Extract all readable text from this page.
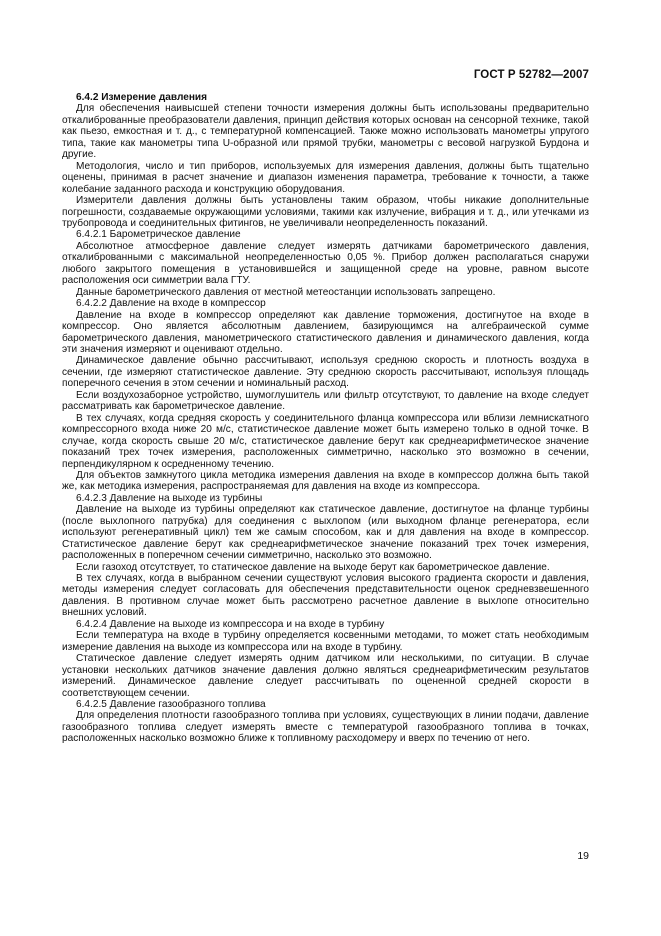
ГОСТ Р 52782—2007

6.4.2 Измерение давления

Для обеспечения наивысшей степени точности измерения должны быть использованы предварительно откалиброванные преобразователи давления, принцип действия которых основан на сенсорной технике, такой как пьезо, емкостная и т. д., с температурной компенсацией. Также можно использовать манометры упругого типа, такие как манометры типа U-образной или прямой трубки, манометры с весовой нагрузкой Бурдона и другие.

Методология, число и тип приборов, используемых для измерения давления, должны быть тщательно оценены, принимая в расчет значение и диапазон изменения параметра, требование к точности, а также колебание заданного расхода и конструкцию оборудования.

Измерители давления должны быть установлены таким образом, чтобы никакие дополнительные погрешности, создаваемые окружающими условиями, такими как излучение, вибрация и т. д., или утечками из трубопровода и соединительных фитингов, не увеличивали неопределенность показаний.

6.4.2.1 Барометрическое давление

Абсолютное атмосферное давление следует измерять датчиками барометрического давления, откалиброванными с максимальной неопределенностью 0,05 %. Прибор должен располагаться снаружи любого закрытого помещения в установившейся и защищенной среде на уровне, равном высоте расположения оси симметрии вала ГТУ.

Данные барометрического давления от местной метеостанции использовать запрещено.

6.4.2.2 Давление на входе в компрессор

Давление на входе в компрессор определяют как давление торможения, достигнутое на входе в компрессор. Оно является абсолютным давлением, базирующимся на алгебраической сумме барометрического давления, манометрического статистического давления и динамического давления, когда эти значения измеряют и оценивают отдельно.

Динамическое давление обычно рассчитывают, используя среднюю скорость и плотность воздуха в сечении, где измеряют статистическое давление. Эту среднюю скорость рассчитывают, используя площадь поперечного сечения в этом сечении и номинальный расход.

Если воздухозаборное устройство, шумоглушитель или фильтр отсутствуют, то давление на входе следует рассматривать как барометрическое давление.

В тех случаях, когда средняя скорость у соединительного фланца компрессора или вблизи лемнискатного компрессорного входа ниже 20 м/с, статистическое давление может быть измерено только в одной точке. В случае, когда скорость свыше 20 м/с, статистическое давление берут как среднеарифметическое значение показаний трех точек измерения, расположенных симметрично, насколько это возможно в сечении, перпендикулярном к осредненному течению.

Для объектов замкнутого цикла методика измерения давления на входе в компрессор должна быть такой же, как методика измерения, распространяемая для давления на входе из компрессора.

6.4.2.3 Давление на выходе из турбины

Давление на выходе из турбины определяют как статическое давление, достигнутое на фланце турбины (после выхлопного патрубка) для соединения с выхлопом (или выходном фланце регенератора, если используют регенеративный цикл) тем же самым способом, как и для давления на входе в компрессор. Статистическое давление берут как среднеарифметическое значение показаний трех точек измерения, расположенных в поперечном сечении симметрично, насколько это возможно.

Если газоход отсутствует, то статическое давление на выходе берут как барометрическое давление.

В тех случаях, когда в выбранном сечении существуют условия высокого градиента скорости и давления, методы измерения следует согласовать для обеспечения представительности оценок средневзвешенного давления. В противном случае может быть рассмотрено расчетное давление в выхлопе относительно внешних условий.

6.4.2.4 Давление на выходе из компрессора и на входе в турбину

Если температура на входе в турбину определяется косвенными методами, то может стать необходимым измерение давления на выходе из компрессора или на входе в турбину.

Статическое давление следует измерять одним датчиком или несколькими, по ситуации. В случае установки нескольких датчиков значение давления должно являться среднеарифметическим результатов измерений. Динамическое давление следует рассчитывать по оцененной средней скорости в соответствующем сечении.

6.4.2.5 Давление газообразного топлива

Для определения плотности газообразного топлива при условиях, существующих в линии подачи, давление газообразного топлива следует измерять вместе с температурой газообразного топлива в точках, расположенных насколько возможно ближе к топливному расходомеру и вверх по течению от него.

19
